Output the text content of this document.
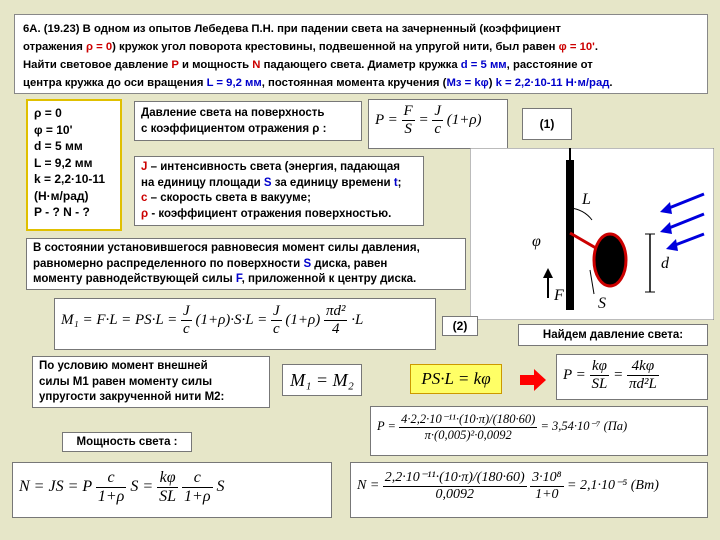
6А. (19.23) В одном из опытов Лебедева П.Н. при падении света на зачерненный (коэффициент
отражения ρ = 0) кружок угол поворота крестовины, подвешенной на упругой нити, был равен φ = 10'.
Найти световое давление Р и мощность N падающего света. Диаметр кружка d = 5 мм, расстояние от
центра кружка до оси вращения L = 9,2 мм, постоянная момента кручения (Мз = kφ) k = 2,2·10-11 Н·м/рад.
ρ = 0
φ = 10'
d = 5 мм
L = 9,2 мм
k = 2,2·10-11
(Н·м/рад)
P - ? N - ?
Давление света на поверхность
с коэффициентом отражения ρ :
$P = \frac{F}{S} = \frac{J}{c} (1+\rho)$	(1)
J – интенсивность света (энергия, падающая
на единицу площади S за единицу времени t;
c – скорость света в вакууме;
ρ - коэффициент отражения поверхностью.
L
φ
d
F S
В состоянии установившегося равновесия момент силы давления,
равномерно распределенного по поверхности S диска, равен
моменту равнодействующей силы F, приложенной к центру диска.
$M_1 = F\cdot L = PS\cdot L = \frac{J}{c} (1+\rho)\cdot S\cdot L = \frac{J}{c} (1+\rho) \frac{\text{πd²}}{4} \cdot L$	(2)
Найдем давление света:
По условию момент внешней
силы M1 равен моменту силы
упругости закрученной нити М2:
M₁ = M₂	PS·L = kφ	$P = \frac{k\varphi}{SL} = \frac{4k\varphi}{\text{πd²L}}$
$P = \frac{\text{4·2,2·10⁻¹¹·(10·π)/(180·60)}}{\text{π·(0,005)²·0,0092}} = 3,54\cdot 10^{-7}$ (Па)
Мощность света :
N = JS = P $\frac{c}{1+\rho}$ $S = \frac{k\varphi}{SL}$
$\frac{c}{1+\rho}$ S	$N = \frac{\text{2,2·10⁻¹¹·(10·π)/(180·60)}}{0,0092}$
$\frac{\text{3·10⁸}}{1+0} = 2,1\cdot 10^{-5}$ (Вт)
